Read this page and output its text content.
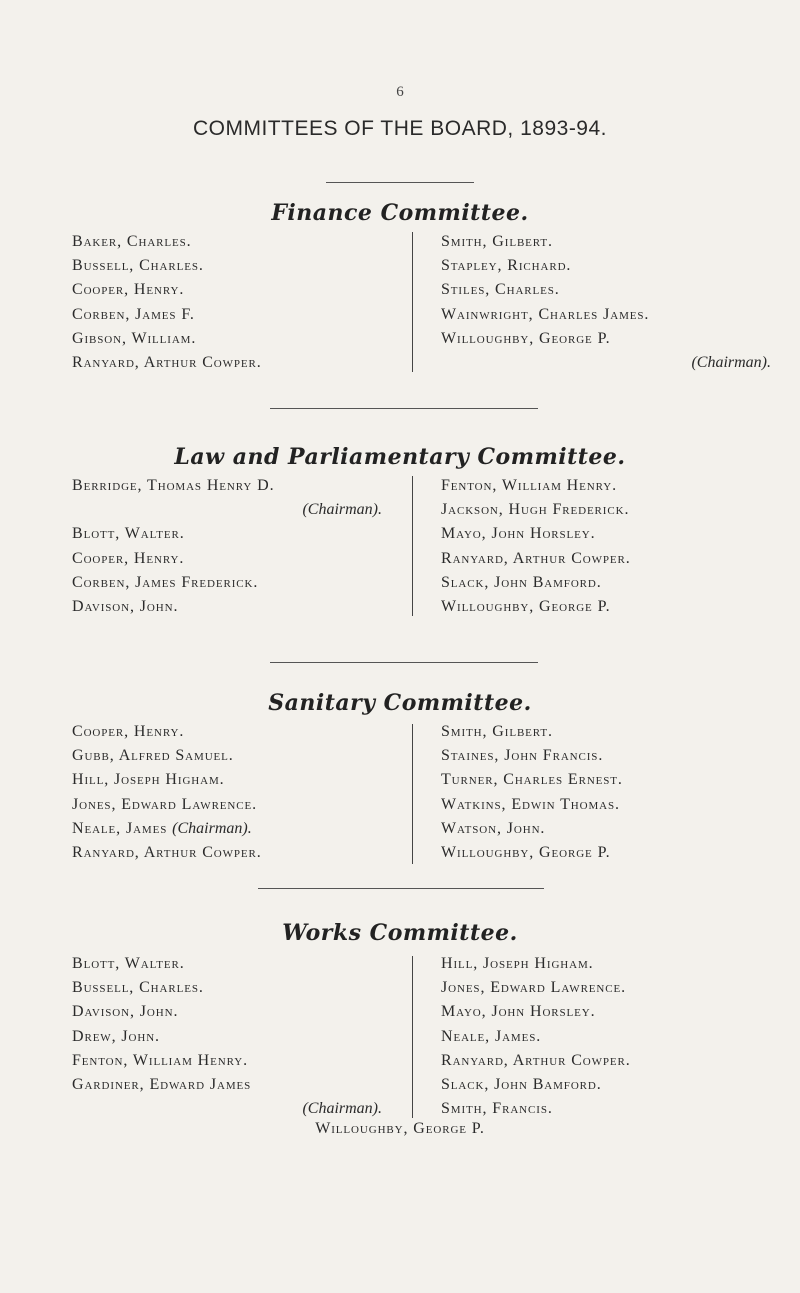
6
COMMITTEES OF THE BOARD, 1893-94.
Finance Committee.
Baker, Charles.
Bussell, Charles.
Cooper, Henry.
Corben, James F.
Gibson, William.
Ranyard, Arthur Cowper.
Smith, Gilbert.
Stapley, Richard.
Stiles, Charles.
Wainwright, Charles James.
Willoughby, George P.
(Chairman).
Law and Parliamentary Committee.
Berridge, Thomas Henry D.
(Chairman).
Blott, Walter.
Cooper, Henry.
Corben, James Frederick.
Davison, John.
Fenton, William Henry.
Jackson, Hugh Frederick.
Mayo, John Horsley.
Ranyard, Arthur Cowper.
Slack, John Bamford.
Willoughby, George P.
Sanitary Committee.
Cooper, Henry.
Gubb, Alfred Samuel.
Hill, Joseph Higham.
Jones, Edward Lawrence.
Neale, James (Chairman).
Ranyard, Arthur Cowper.
Smith, Gilbert.
Staines, John Francis.
Turner, Charles Ernest.
Watkins, Edwin Thomas.
Watson, John.
Willoughby, George P.
Works Committee.
Blott, Walter.
Bussell, Charles.
Davison, John.
Drew, John.
Fenton, William Henry.
Gardiner, Edward James
(Chairman).
Hill, Joseph Higham.
Jones, Edward Lawrence.
Mayo, John Horsley.
Neale, James.
Ranyard, Arthur Cowper.
Slack, John Bamford.
Smith, Francis.
Willoughby, George P.
